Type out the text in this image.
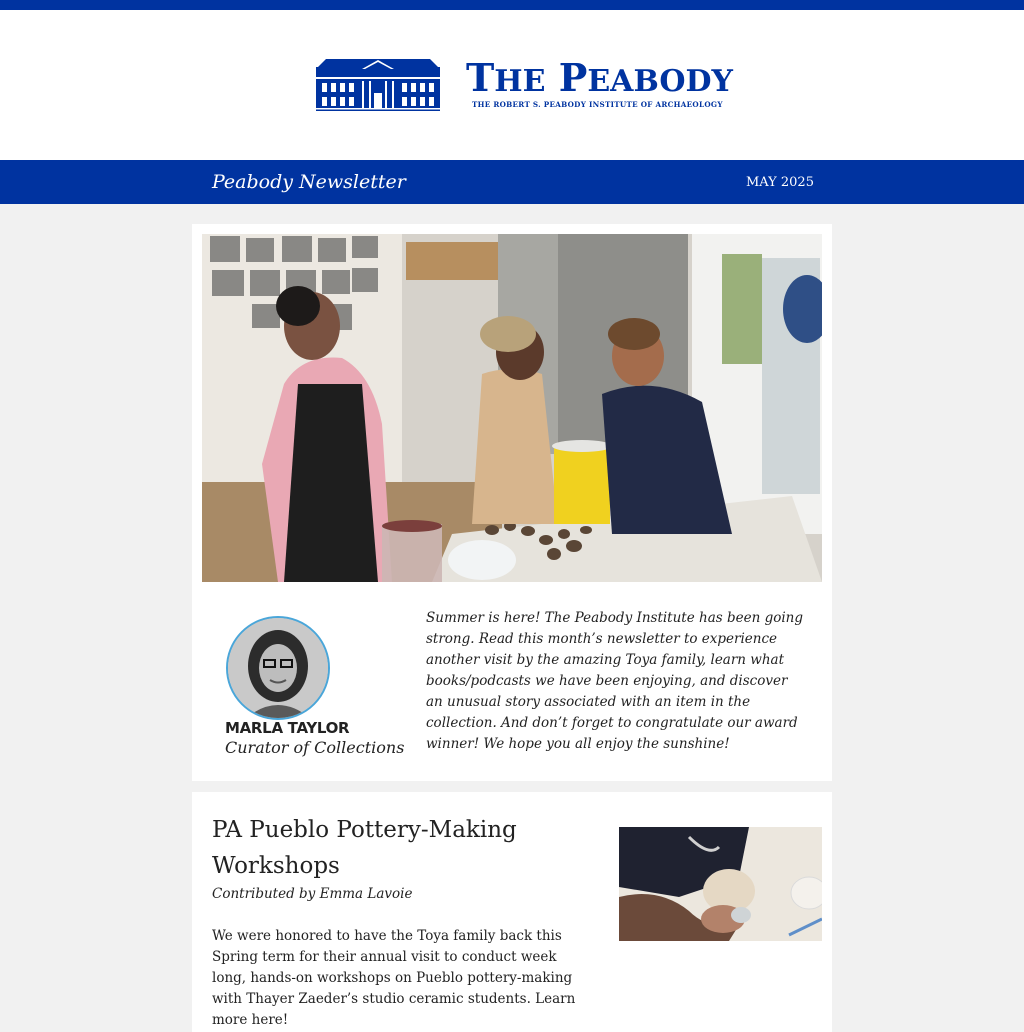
THE PEABODY
THE ROBERT S. PEABODY INSTITUTE OF ARCHAEOLOGY
Peabody Newsletter	MAY 2025
MARLA TAYLOR
Curator of Collections
Summer is here! The Peabody Institute has been going strong. Read this month’s newsletter to experience another visit by the amazing Toya family, learn what books/podcasts we have been enjoying, and discover an unusual story associated with an item in the collection. And don’t forget to congratulate our award winner! We hope you all enjoy the sunshine!
PA Pueblo Pottery-Making Workshops
Contributed by Emma Lavoie
We were honored to have the Toya family back this Spring term for their annual visit to conduct week long, hands-on workshops on Pueblo pottery-making with Thayer Zaeder’s studio ceramic students. Learn more here!
